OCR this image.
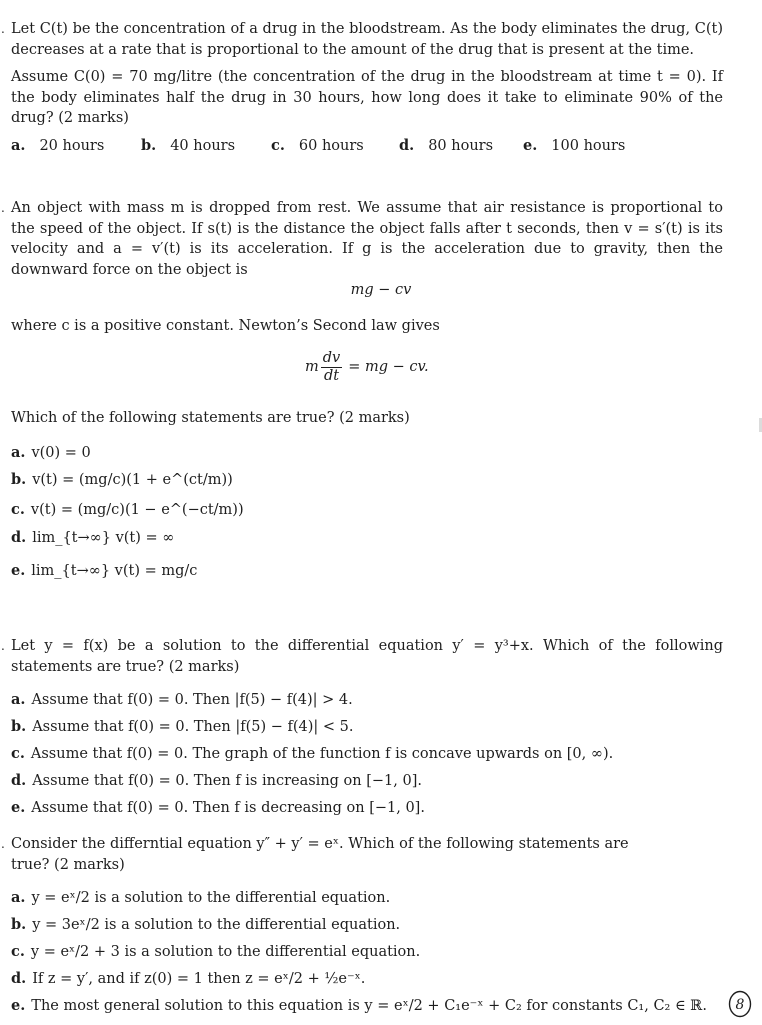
. Let C(t) be the concentration of a drug in the bloodstream. As the body eliminates the drug, C(t) decreases at a rate that is proportional to the amount of the drug that is present at the time.
Assume C(0) = 70 mg/litre (the concentration of the drug in the bloodstream at time t = 0). If the body eliminates half the drug in 30 hours, how long does it take to eliminate 90% of the drug? (2 marks)
a. 20 hours	b. 40 hours c. 60 hours d. 80 hours e. 100 hours
. An object with mass m is dropped from rest. We assume that air resistance is proportional to the speed of the object. If s(t) is the distance the object falls after t seconds, then v = s′(t) is its velocity and a = v′(t) is its acceleration. If g is the acceleration due to gravity, then the downward force on the object is
mg − cv
where c is a positive constant. Newton’s Second law gives
m $\frac{dv}{dt}$ = mg − cv.
Which of the following statements are true? (2 marks)
a. v(0) = 0
b. v(t) = (mg/c)(1 + e^(ct/m))
c. v(t) = (mg/c)(1 − e^(−ct/m))
d. lim_{t→∞} v(t) = ∞
e. lim_{t→∞} v(t) = mg/c
. Let y = f(x) be a solution to the differential equation y′ = y³+x. Which of the following statements are true? (2 marks)
a. Assume that f(0) = 0. Then |f(5) − f(4)| > 4.
b. Assume that f(0) = 0. Then |f(5) − f(4)| < 5.
c. Assume that f(0) = 0. The graph of the function f is concave upwards on [0, ∞).
d. Assume that f(0) = 0. Then f is increasing on [−1, 0].
e. Assume that f(0) = 0. Then f is decreasing on [−1, 0].
. Consider the differntial equation y″ + y′ = eˣ. Which of the following statements are true? (2 marks)
a. y = eˣ/2 is a solution to the differential equation.
b. y = 3eˣ/2 is a solution to the differential equation.
c. y = eˣ/2 + 3 is a solution to the differential equation.
d. If z = y′, and if z(0) = 1 then z = eˣ/2 + ½e⁻ˣ.
e. The most general solution to this equation is y = eˣ/2 + C₁e⁻ˣ + C₂ for constants C₁, C₂ ∈ ℝ. 8
